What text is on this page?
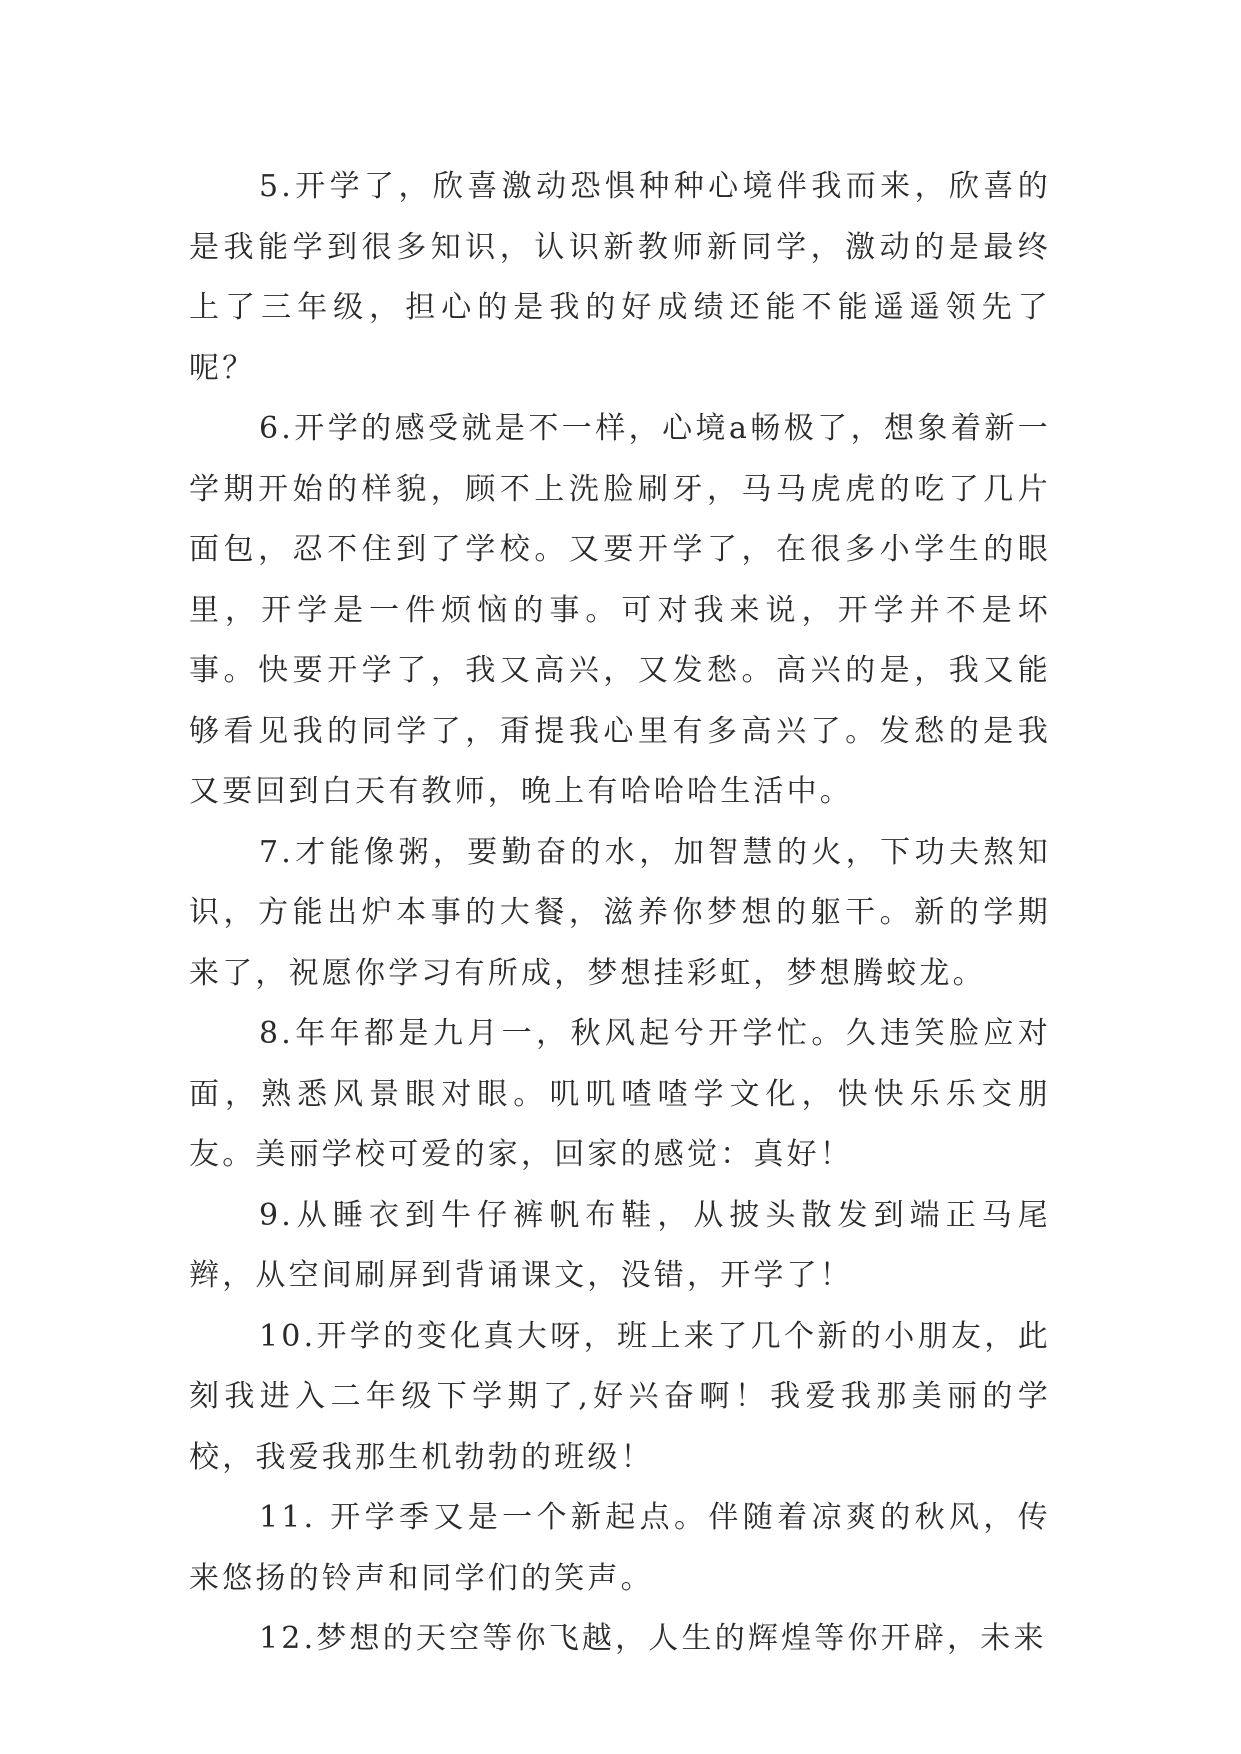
5.开学了，欣喜激动恐惧种种心境伴我而来，欣喜的是我能学到很多知识，认识新教师新同学，激动的是最终上了三年级，担心的是我的好成绩还能不能遥遥领先了呢？

6.开学的感受就是不一样，心境a畅极了，想象着新一学期开始的样貌，顾不上洗脸刷牙，马马虎虎的吃了几片面包，忍不住到了学校。又要开学了，在很多小学生的眼里，开学是一件烦恼的事。可对我来说，开学并不是坏事。快要开学了，我又高兴，又发愁。高兴的是，我又能够看见我的同学了，甭提我心里有多高兴了。发愁的是我又要回到白天有教师，晚上有哈哈哈生活中。

7.才能像粥，要勤奋的水，加智慧的火，下功夫熬知识，方能出炉本事的大餐，滋养你梦想的躯干。新的学期来了，祝愿你学习有所成，梦想挂彩虹，梦想腾蛟龙。

8.年年都是九月一，秋风起兮开学忙。久违笑脸应对面，熟悉风景眼对眼。叽叽喳喳学文化，快快乐乐交朋友。美丽学校可爱的家，回家的感觉：真好！

9.从睡衣到牛仔裤帆布鞋，从披头散发到端正马尾辫，从空间刷屏到背诵课文，没错，开学了！

10.开学的变化真大呀，班上来了几个新的小朋友，此刻我进入二年级下学期了,好兴奋啊！我爱我那美丽的学校，我爱我那生机勃勃的班级！

11. 开学季又是一个新起点。伴随着凉爽的秋风，传来悠扬的铃声和同学们的笑声。

12.梦想的天空等你飞越，人生的辉煌等你开辟，未来
